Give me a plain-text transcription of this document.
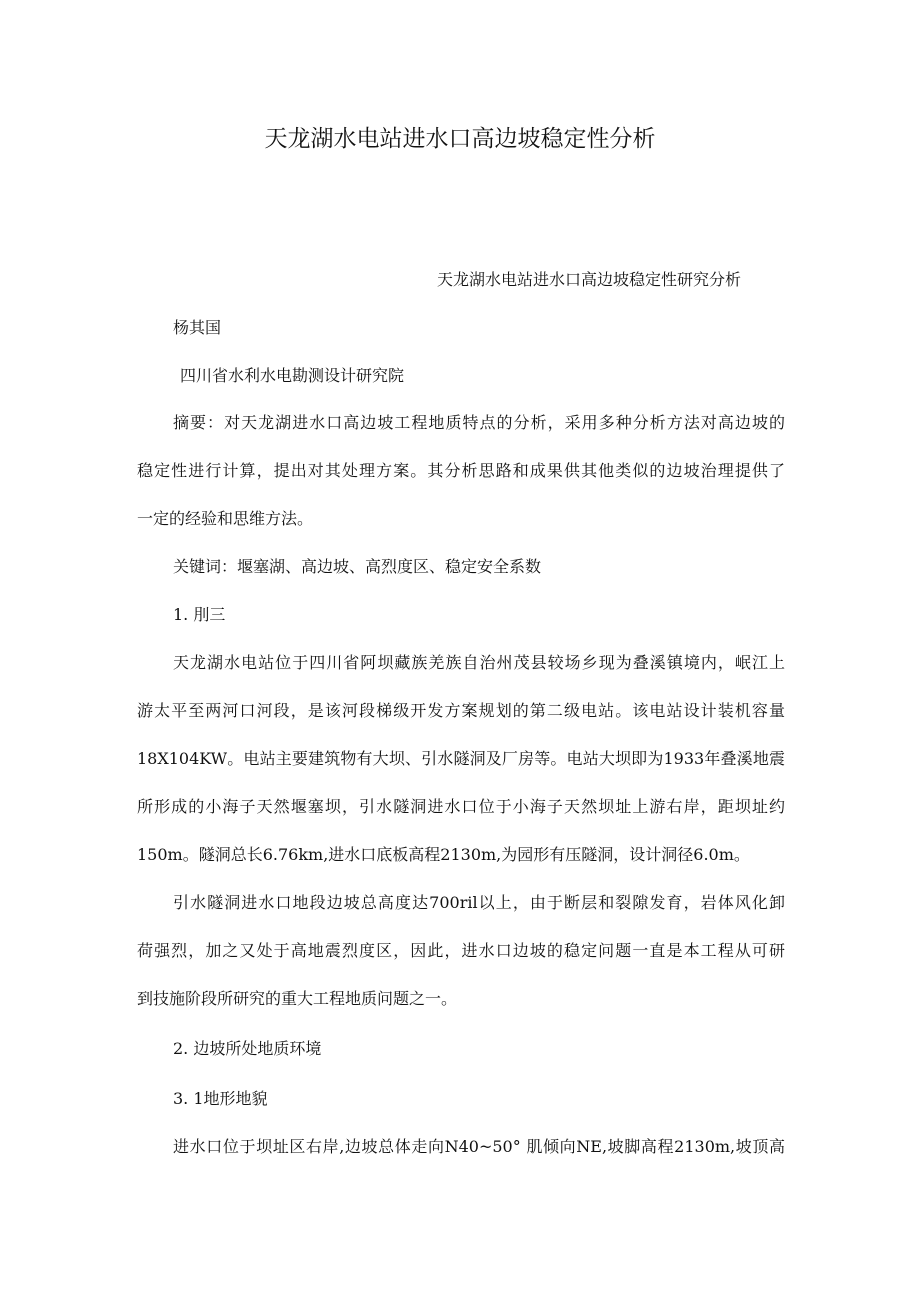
天龙湖水电站进水口高边坡稳定性分析
天龙湖水电站进水口高边坡稳定性研究分析
杨其国
四川省水利水电勘测设计研究院
摘要：对天龙湖进水口高边坡工程地质特点的分析，采用多种分析方法对高边坡的
稳定性进行计算，提出对其处理方案。其分析思路和成果供其他类似的边坡治理提供了
一定的经验和思维方法。
关键词：堰塞湖、高边坡、高烈度区、稳定安全系数
1. 刖三
天龙湖水电站位于四川省阿坝藏族羌族自治州茂县较场乡现为叠溪镇境内，岷江上
游太平至两河口河段，是该河段梯级开发方案规划的第二级电站。该电站设计装机容量
18X104KW。电站主要建筑物有大坝、引水隧洞及厂房等。电站大坝即为1933年叠溪地震
所形成的小海子天然堰塞坝，引水隧洞进水口位于小海子天然坝址上游右岸，距坝址约
150m。隧洞总长6.76km,进水口底板高程2130m,为园形有压隧洞，设计洞径6.0m。
引水隧洞进水口地段边坡总高度达700ril以上，由于断层和裂隙发育，岩体风化卸
荷强烈，加之又处于高地震烈度区，因此，进水口边坡的稳定问题一直是本工程从可研
到技施阶段所研究的重大工程地质问题之一。
2. 边坡所处地质环境
3. 1地形地貌
进水口位于坝址区右岸,边坡总体走向N40~50° 肌倾向NE,坡脚高程2130m,坡顶高
